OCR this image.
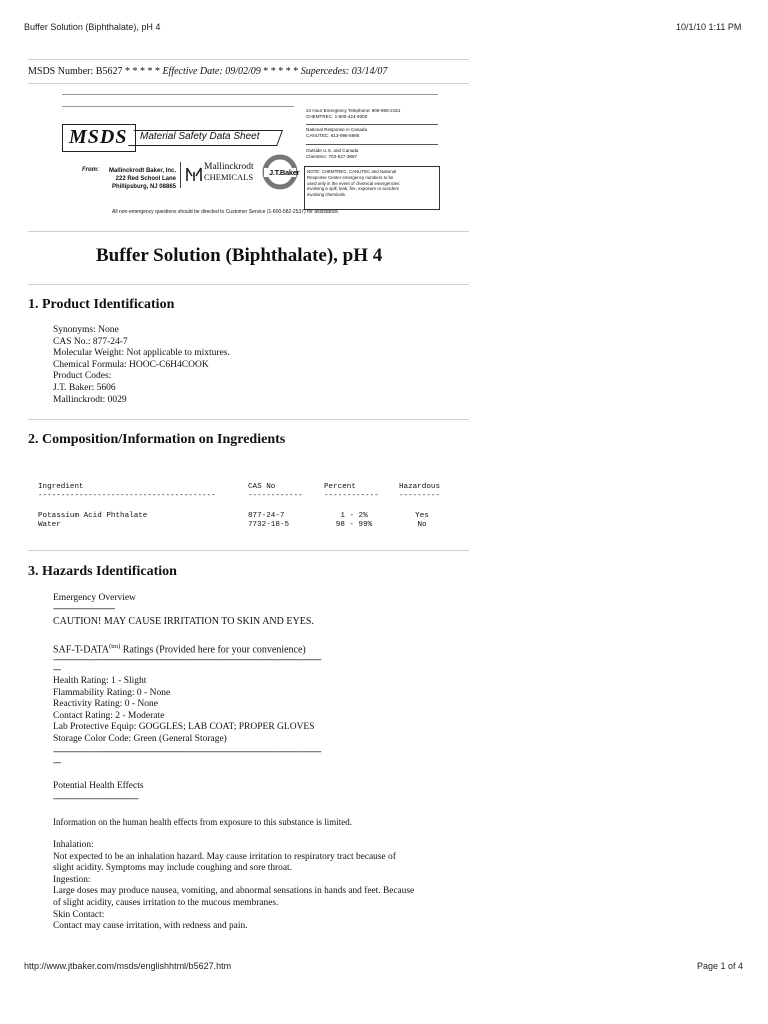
Buffer Solution (Biphthalate), pH 4	10/1/10 1:11 PM
MSDS Number: B5627 * * * * * Effective Date: 09/02/09 * * * * * Supercedes: 03/14/07
MSDS Material Safety Data Sheet
From:	Mallinckrodt Baker, Inc.
222 Red School Lane
Phillipsburg, NJ 08865
Mallinckrodt
CHEMICALS J.T.Baker
24 Hour Emergency Telephone: 908-859-2151
CHEMTREC: 1-800-424-9300
National Response in Canada
CANUTEC: 613-996-6666
Outside U.S. and Canada
Chemtrec: 703-527-3887
NOTE: CHEMTREC, CANUTEC and National
Response Center emergency numbers to be
used only in the event of chemical emergencies
involving a spill, leak, fire, exposure or accident
involving chemicals.
All non-emergency questions should be directed to Customer Service (1-800-582-2537) for assistance.
Buffer Solution (Biphthalate), pH 4
1. Product Identification
Synonyms: None
CAS No.: 877-24-7
Molecular Weight: Not applicable to mixtures.
Chemical Formula: HOOC-C6H4COOK
Product Codes:
J.T. Baker: 5606
Mallinckrodt: 0029
2. Composition/Information on Ingredients
Ingredient	CAS No	Percent	Hazardous
---------------------------------------	------------	------------	---------
Potassium Acid Phthalate	877-24-7	1 - 2%	Yes
Water	7732-18-5	98 - 99%	No
3. Hazards Identification
Emergency Overview
--------------------------
CAUTION! MAY CAUSE IRRITATION TO SKIN AND EYES.
SAF-$T-DATA^{(tm)}$ Ratings (Provided here for your convenience)
-----------------------------------------------------------------------------------------------------------
---
Health Rating: 1 - Slight
Flammability Rating: 0 - None
Reactivity Rating: 0 - None
Contact Rating: 2 - Moderate
Lab Protective Equip: GOGGLES; LAB COAT; PROPER GLOVES
Storage Color Code: Green (General Storage)
-----------------------------------------------------------------------------------------------------------
---
Potential Health Effects
----------------------------------
Information on the human health effects from exposure to this substance is limited.
Inhalation:
Not expected to be an inhalation hazard. May cause irritation to respiratory tract because of
slight acidity. Symptoms may include coughing and sore throat.
Ingestion:
Large doses may produce nausea, vomiting, and abnormal sensations in hands and feet. Because
of slight acidity, causes irritation to the mucous membranes.
Skin Contact:
Contact may cause irritation, with redness and pain.
http://www.jtbaker.com/msds/englishhtml/b5627.htm	Page 1 of 4
